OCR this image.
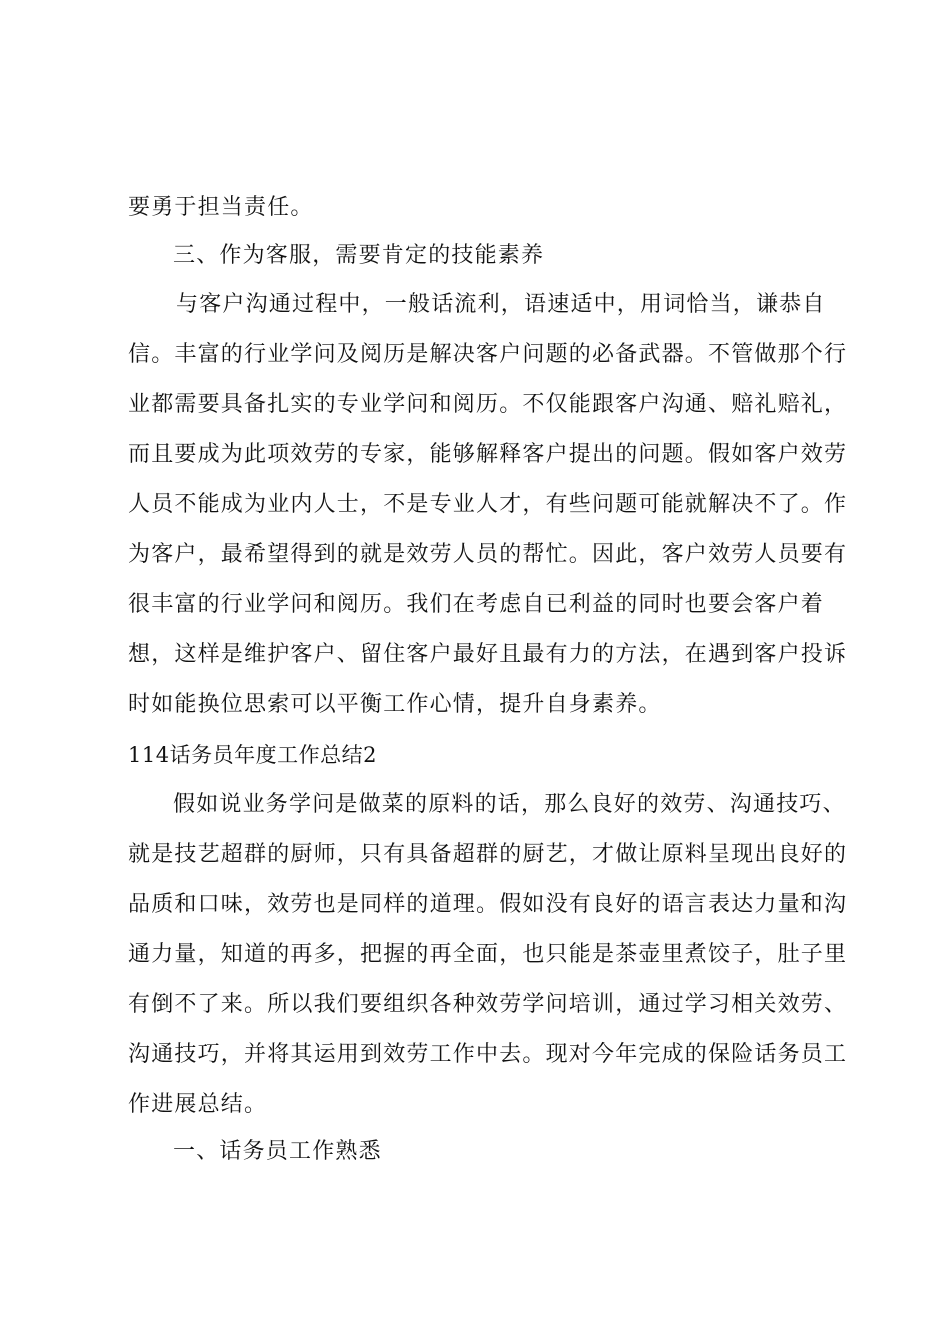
要勇于担当责任。
三、作为客服，需要肯定的技能素养
与客户沟通过程中，一般话流利，语速适中，用词恰当，谦恭自
信。丰富的行业学问及阅历是解决客户问题的必备武器。不管做那个行
业都需要具备扎实的专业学问和阅历。不仅能跟客户沟通、赔礼赔礼，
而且要成为此项效劳的专家，能够解释客户提出的问题。假如客户效劳
人员不能成为业内人士，不是专业人才，有些问题可能就解决不了。作
为客户，最希望得到的就是效劳人员的帮忙。因此，客户效劳人员要有
很丰富的行业学问和阅历。我们在考虑自已利益的同时也要会客户着
想，这样是维护客户、留住客户最好且最有力的方法，在遇到客户投诉
时如能换位思索可以平衡工作心情，提升自身素养。
114话务员年度工作总结2
假如说业务学问是做菜的原料的话，那么良好的效劳、沟通技巧、
就是技艺超群的厨师，只有具备超群的厨艺，才做让原料呈现出良好的
品质和口味，效劳也是同样的道理。假如没有良好的语言表达力量和沟
通力量，知道的再多，把握的再全面，也只能是茶壶里煮饺子，肚子里
有倒不了来。所以我们要组织各种效劳学问培训，通过学习相关效劳、
沟通技巧，并将其运用到效劳工作中去。现对今年完成的保险话务员工
作进展总结。
一、话务员工作熟悉
